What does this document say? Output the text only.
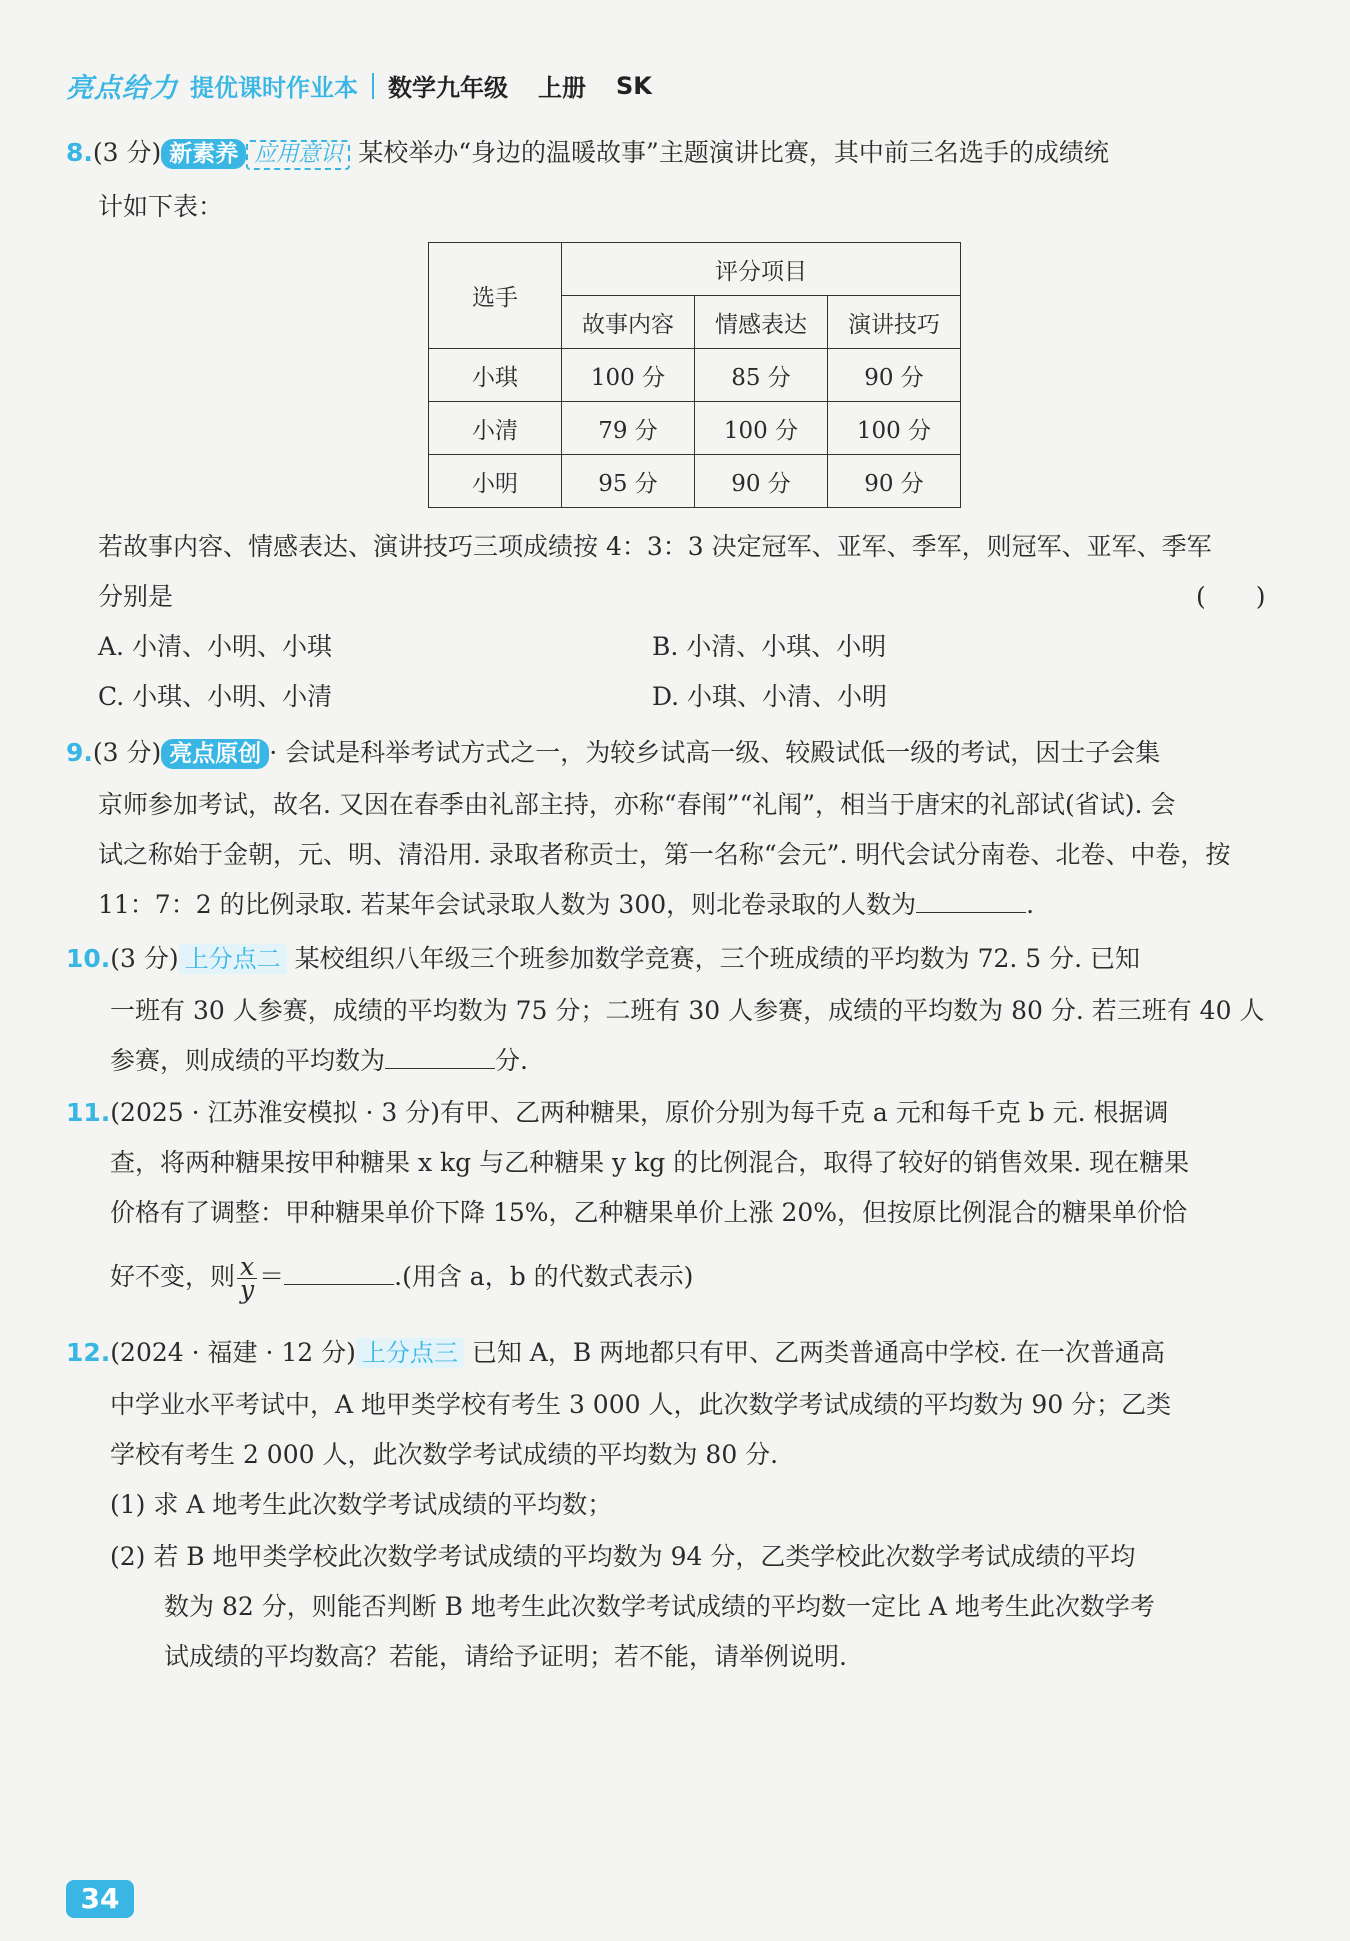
亮点给力 提优课时作业本 数学九年级 上册 SK
8.(3 分) 新素养 应用意识 某校举办“身边的温暖故事”主题演讲比赛，其中前三名选手的成绩统
计如下表：
选手	评分项目		
	故事内容	情感表达	演讲技巧
小琪	100 分	85 分	90 分
小清	79 分	100 分	100 分
小明	95 分	90 分	90 分
若故事内容、情感表达、演讲技巧三项成绩按 4：3：3 决定冠军、亚军、季军，则冠军、亚军、季军
分别是	(　　)
A. 小清、小明、小琪	B. 小清、小琪、小明
C. 小琪、小明、小清	D. 小琪、小清、小明
9.(3 分) 亮点原创 · 会试是科举考试方式之一，为较乡试高一级、较殿试低一级的考试，因士子会集
京师参加考试，故名. 又因在春季由礼部主持，亦称“春闱”“礼闱”，相当于唐宋的礼部试(省试). 会
试之称始于金朝，元、明、清沿用. 录取者称贡士，第一名称“会元”. 明代会试分南卷、北卷、中卷，按
11：7：2 的比例录取. 若某年会试录取人数为 300，则北卷录取的人数为	.
10.(3 分) 上分点二 某校组织八年级三个班参加数学竞赛，三个班成绩的平均数为 72. 5 分. 已知
一班有 30 人参赛，成绩的平均数为 75 分；二班有 30 人参赛，成绩的平均数为 80 分. 若三班有 40 人
参赛，则成绩的平均数为	分.
11.(2025 · 江苏淮安模拟 · 3 分)有甲、乙两种糖果，原价分别为每千克 a 元和每千克 b 元. 根据调
查，将两种糖果按甲种糖果 x kg 与乙种糖果 y kg 的比例混合，取得了较好的销售效果. 现在糖果
价格有了调整：甲种糖果单价下降 15%，乙种糖果单价上涨 20%，但按原比例混合的糖果单价恰
好不变，则 $\frac{x}{y}$ ＝	.(用含 a，b 的代数式表示)
12.(2024 · 福建 · 12 分) 上分点三 已知 A，B 两地都只有甲、乙两类普通高中学校. 在一次普通高
中学业水平考试中，A 地甲类学校有考生 3 000 人，此次数学考试成绩的平均数为 90 分；乙类
学校有考生 2 000 人，此次数学考试成绩的平均数为 80 分.
(1) 求 A 地考生此次数学考试成绩的平均数；
(2) 若 B 地甲类学校此次数学考试成绩的平均数为 94 分，乙类学校此次数学考试成绩的平均
数为 82 分，则能否判断 B 地考生此次数学考试成绩的平均数一定比 A 地考生此次数学考
试成绩的平均数高？若能，请给予证明；若不能，请举例说明.
34
